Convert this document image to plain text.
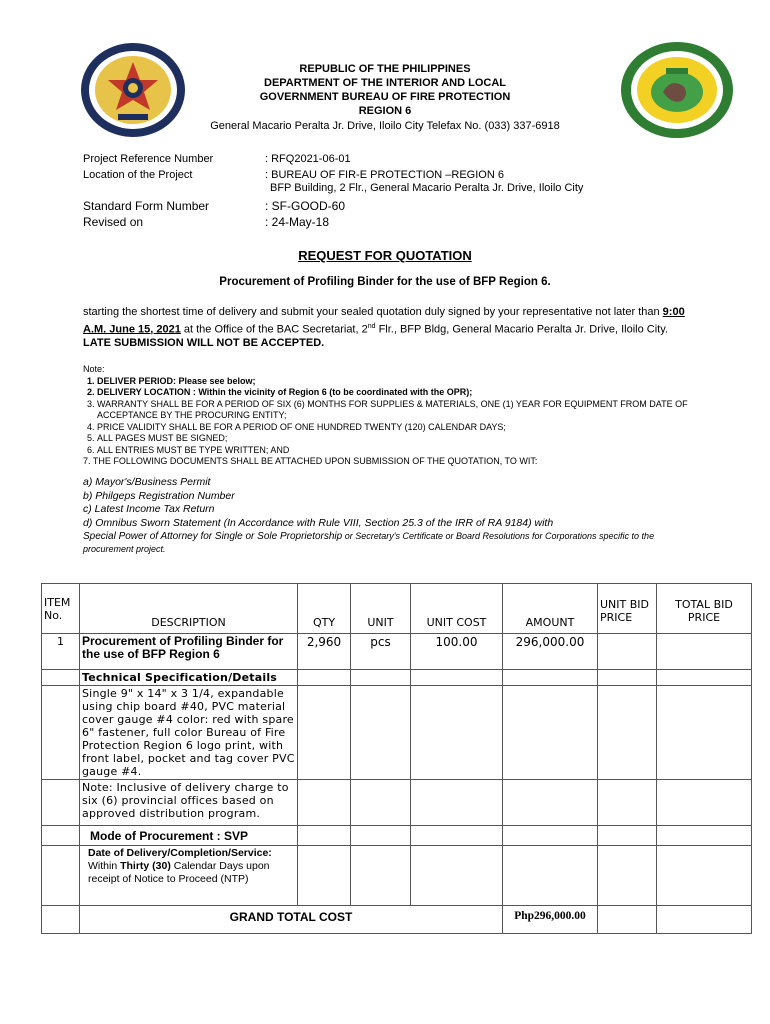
REPUBLIC OF THE PHILIPPINES
DEPARTMENT OF THE INTERIOR AND LOCAL
GOVERNMENT BUREAU OF FIRE PROTECTION
REGION 6
General Macario Peralta Jr. Drive, Iloilo City Telefax No. (033) 337-6918
Project Reference Number	: RFQ2021-06-01
Location of the Project	: BUREAU OF FIR-E PROTECTION –REGION 6
BFP Building, 2 Flr., General Macario Peralta Jr. Drive, Iloilo City
Standard Form Number	: SF-GOOD-60
Revised on	: 24-May-18
REQUEST FOR QUOTATION
Procurement of Profiling Binder for the use of BFP Region 6.
starting the shortest time of delivery and submit your sealed quotation duly signed by your representative not later than 9:00 A.M. June 15, 2021 at the Office of the BAC Secretariat, 2nd Flr., BFP Bldg, General Macario Peralta Jr. Drive, Iloilo City.
LATE SUBMISSION WILL NOT BE ACCEPTED.
Note:
1. DELIVER PERIOD: Please see below;
2. DELIVERY LOCATION : Within the vicinity of Region 6 (to be coordinated with the OPR);
3. WARRANTY SHALL BE FOR A PERIOD OF SIX (6) MONTHS FOR SUPPLIES & MATERIALS, ONE (1) YEAR FOR EQUIPMENT FROM DATE OF ACCEPTANCE BY THE PROCURING ENTITY;
4. PRICE VALIDITY SHALL BE FOR A PERIOD OF ONE HUNDRED TWENTY (120) CALENDAR DAYS;
5. ALL PAGES MUST BE SIGNED;
6. ALL ENTRIES MUST BE TYPE WRITTEN; AND
7. THE FOLLOWING DOCUMENTS SHALL BE ATTACHED UPON SUBMISSION OF THE QUOTATION, TO WIT:
a) Mayor's/Business Permit
b) Philgeps Registration Number
c) Latest Income Tax Return
d) Omnibus Sworn Statement (In Accordance with Rule VIII, Section 25.3 of the IRR of RA 9184) with
Special Power of Attorney for Single or Sole Proprietorship or Secretary's Certificate or Board Resolutions for Corporations specific to the procurement project.
ITEM No.	DESCRIPTION	QTY	UNIT	UNIT COST	AMOUNT	UNIT BID PRICE	TOTAL BID PRICE
1	Procurement of Profiling Binder for the use of BFP Region 6	2,960	pcs	100.00	296,000.00		
	Technical Specification/Details						
	Single 9" x 14" x 3 1/4, expandable using chip board #40, PVC material cover gauge #4 color: red with spare 6" fastener, full color Bureau of Fire Protection Region 6 logo print, with front label, pocket and tag cover PVC gauge #4.						
	Note: Inclusive of delivery charge to six (6) provincial offices based on approved distribution program.						
	Mode of Procurement : SVP						
	Date of Delivery/Completion/Service: Within Thirty (30) Calendar Days upon receipt of Notice to Proceed (NTP)						
	GRAND TOTAL COST				Php296,000.00		
